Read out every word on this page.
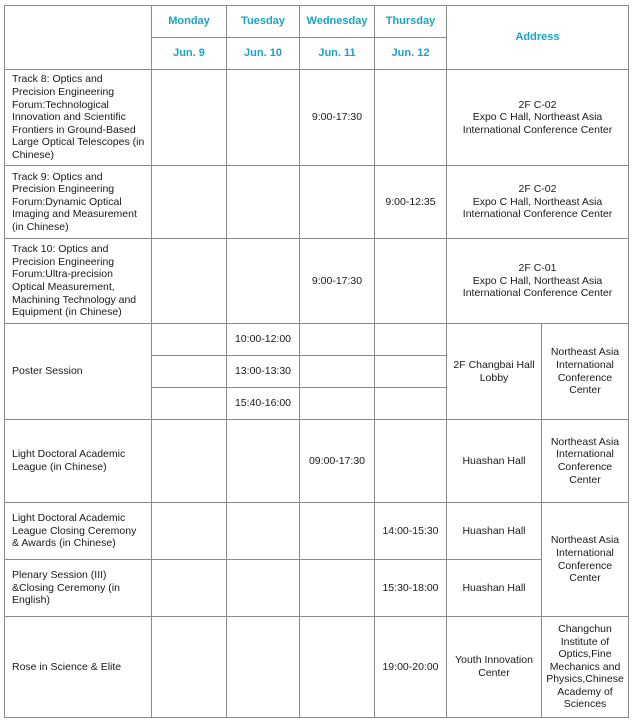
	Monday	Tuesday	Wednesday	Thursday	Address	
	Jun. 9	Jun. 10	Jun. 11	Jun. 12		
Track 8: Optics and Precision Engineering Forum:Technological Innovation and Scientific Frontiers in Ground-Based Large Optical Telescopes (in Chinese)			9:00-17:30		2F C-02
Expo C Hall, Northeast Asia International Conference Center	

Track 9: Optics and Precision Engineering Forum:Dynamic Optical Imaging and Measurement (in Chinese)				9:00-12:35	2F C-02
Expo C Hall, Northeast Asia International Conference Center	

Track 10: Optics and Precision Engineering Forum:Ultra-precision Optical Measurement, Machining Technology and Equipment (in Chinese)			9:00-17:30		2F C-01
Expo C Hall, Northeast Asia International Conference Center	

Poster Session		10:00-12:00			2F Changbai Hall Lobby	Northeast Asia International Conference Center
		13:00-13:30				
		15:40-16:00				
Light Doctoral Academic League (in Chinese)			09:00-17:30		Huashan Hall	Northeast Asia International Conference Center
Light Doctoral Academic League Closing Ceremony & Awards (in Chinese)				14:00-15:30	Huashan Hall	Northeast Asia International Conference Center
Plenary Session (III) &Closing Ceremony (in English)				15:30-18:00	Huashan Hall	
Rose in Science & Elite				19:00-20:00	Youth Innovation Center	Changchun Institute of Optics,Fine Mechanics and Physics,Chinese Academy of Sciences
